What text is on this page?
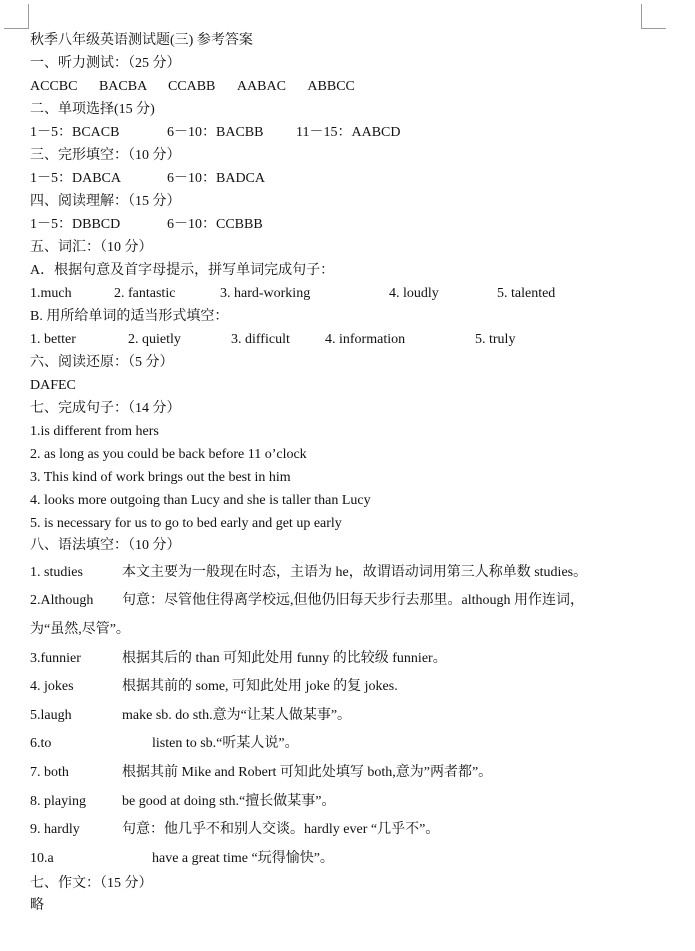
秋季八年级英语测试题(三) 参考答案
一、听力测试：（25 分）
ACCBC BACBA CCABB AABAC ABBCC
二、单项选择(15 分)
1－5：BCACB	6－10：BACBB 11－15：AABCD
三、完形填空：（10 分）
1－5：DABCA	6－10：BADCA
四、阅读理解：（15 分）
1－5：DBBCD	6－10：CCBBB
五、词汇：（10 分）
A．根据句意及首字母提示，拼写单词完成句子：
1.much	2. fantastic	3. hard-working	4. loudly	5. talented
B. 用所给单词的适当形式填空：
1. better	2. quietly	3. difficult	4. information	5. truly
六、阅读还原：（5 分）
DAFEC
七、完成句子：（14 分）
1.is different from hers
2. as long as you could be back before 11 o’clock
3. This kind of work brings out the best in him
4. looks more outgoing than Lucy and she is taller than Lucy
5. is necessary for us to go to bed early and get up early
八、语法填空：（10 分）
1. studies	本文主要为一般现在时态，主语为 he，故谓语动词用第三人称单数 studies。
2.Although 句意：尽管他住得离学校远,但他仍旧每天步行去那里。although 用作连词，
为“虽然,尽管”。
3.funnier	根据其后的 than 可知此处用 funny 的比较级 funnier。
4. jokes	根据其前的 some, 可知此处用 joke 的复 jokes.
5.laugh	make sb. do sth.意为“让某人做某事”。
6.to	listen to sb.“听某人说”。
7. both	根据其前 Mike and Robert 可知此处填写 both,意为”两者都”。
8. playing	be good at doing sth.“擅长做某事”。
9. hardly	句意：他几乎不和别人交谈。hardly ever “几乎不”。
10.a	have a great time “玩得愉快”。
七、作文：（15 分）
略
